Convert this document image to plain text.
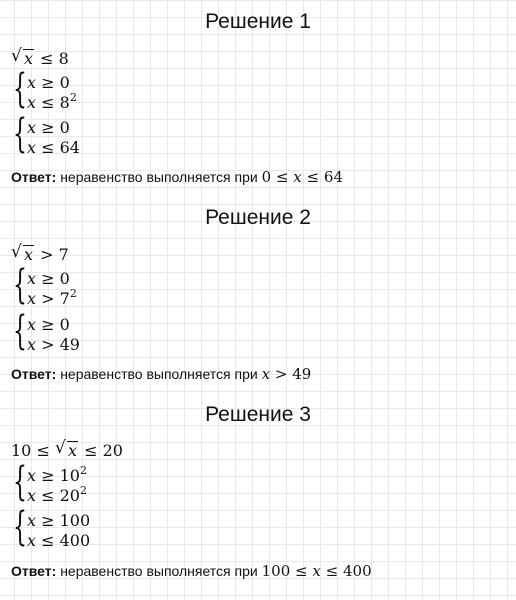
Решение 1
√ x ≤ 8
{ x ≥ 0
$x \le 8^2$
{ x ≥ 0
x ≤ 64
Ответ: неравенство выполняется при 0 ≤ x ≤ 64
Решение 2
√ x > 7
{ x ≥ 0
$x > 7^2$
{ x ≥ 0
x > 49
Ответ: неравенство выполняется при x > 49
Решение 3
10 ≤ √ x ≤ 20
{ $x \ge 10^2$
$x \le 20^2$
{ x ≥ 100
x ≤ 400
Ответ: неравенство выполняется при 100 ≤ x ≤ 400
